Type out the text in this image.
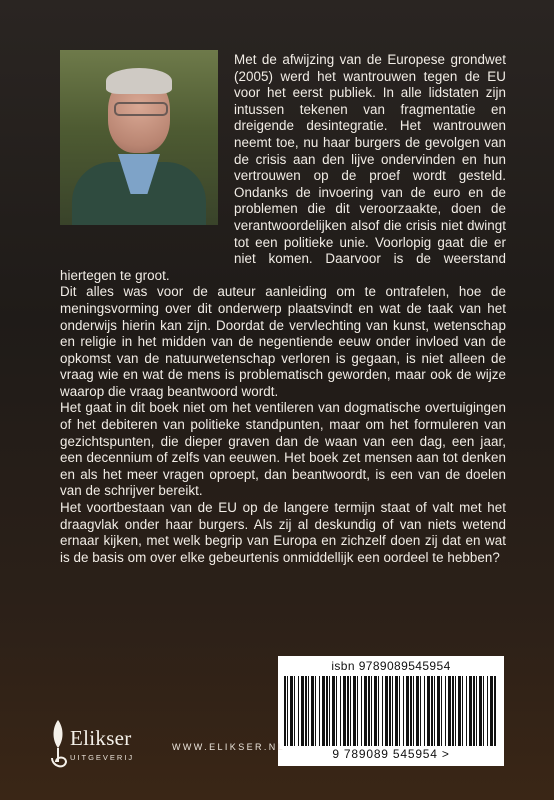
Met de afwijzing van de Europese grondwet (2005) werd het wantrouwen tegen de EU voor het eerst publiek. In alle lidstaten zijn intussen tekenen van fragmentatie en dreigende desintegratie. Het wantrouwen neemt toe, nu haar burgers de gevolgen van de crisis aan den lijve ondervinden en hun vertrouwen op de proef wordt gesteld. Ondanks de invoering van de euro en de problemen die dit veroorzaakte, doen de verantwoordelijken alsof die crisis niet dwingt tot een politieke unie. Voorlopig gaat die er niet komen. Daarvoor is de weerstand hiertegen te groot.

Dit alles was voor de auteur aanleiding om te ontrafelen, hoe de meningsvorming over dit onderwerp plaatsvindt en wat de taak van het onderwijs hierin kan zijn. Doordat de vervlechting van kunst, wetenschap en religie in het midden van de negentiende eeuw onder invloed van de opkomst van de natuurwetenschap verloren is gegaan, is niet alleen de vraag wie en wat de mens is problematisch geworden, maar ook de wijze waarop die vraag beantwoord wordt.

Het gaat in dit boek niet om het ventileren van dogmatische overtuigingen of het debiteren van politieke standpunten, maar om het formuleren van gezichtspunten, die dieper graven dan de waan van een dag, een jaar, een decennium of zelfs van eeuwen. Het boek zet mensen aan tot denken en als het meer vragen oproept, dan beantwoordt, is een van de doelen van de schrijver bereikt.

Het voortbestaan van de EU op de langere termijn staat of valt met het draagvlak onder haar burgers. Als zij al deskundig of van niets wetend ernaar kijken, met welk begrip van Europa en zichzelf doen zij dat en wat is de basis om over elke gebeurtenis onmiddellijk een oordeel te hebben?

isbn 9789089545954
9 789089 545954 >
Elikser
UITGEVERIJ
WWW.ELIKSER.NL
